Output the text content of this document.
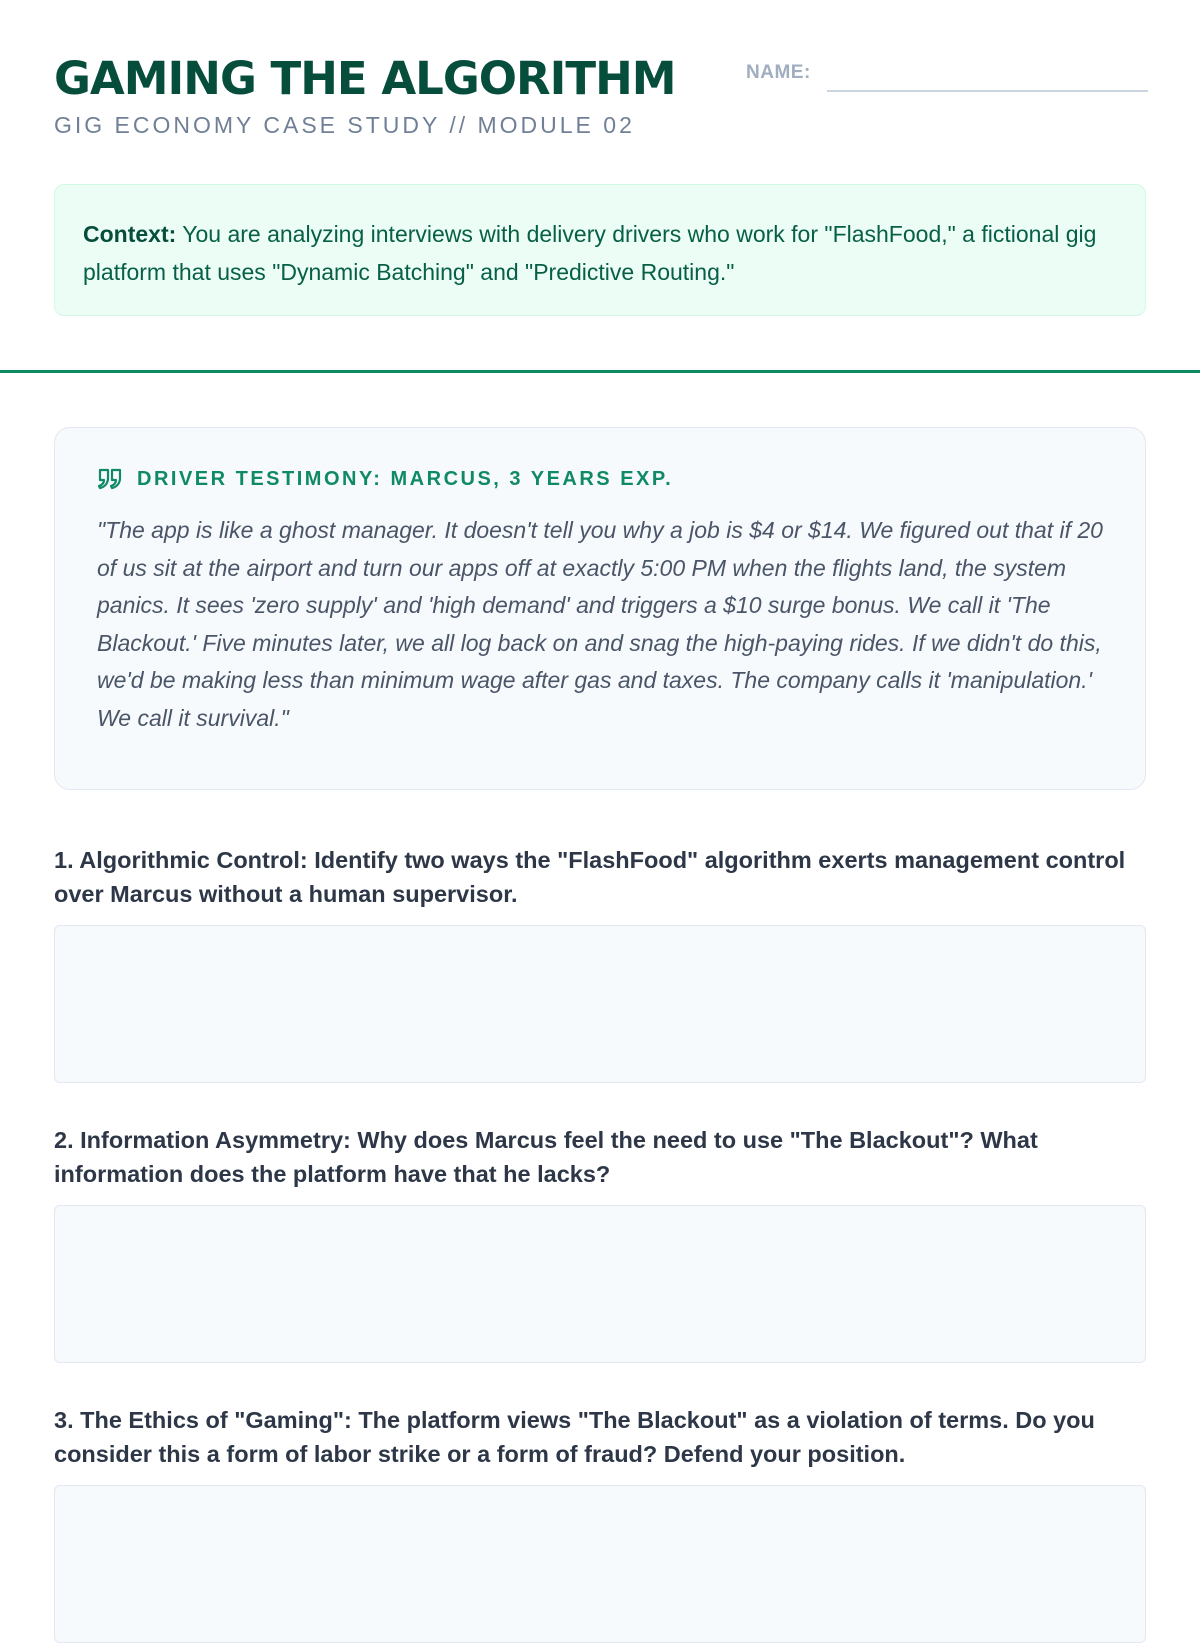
GAMING THE ALGORITHM	NAME:
GIG ECONOMY CASE STUDY // MODULE 02
Context: You are analyzing interviews with delivery drivers who work for "FlashFood," a fictional gig platform that uses "Dynamic Batching" and "Predictive Routing."
DRIVER TESTIMONY: MARCUS, 3 YEARS EXP.
"The app is like a ghost manager. It doesn't tell you why a job is $4 or $14. We figured out that if 20 of us sit at the airport and turn our apps off at exactly 5:00 PM when the flights land, the system panics. It sees 'zero supply' and 'high demand' and triggers a $10 surge bonus. We call it 'The Blackout.' Five minutes later, we all log back on and snag the high-paying rides. If we didn't do this, we'd be making less than minimum wage after gas and taxes. The company calls it 'manipulation.' We call it survival."
1. Algorithmic Control: Identify two ways the "FlashFood" algorithm exerts management control over Marcus without a human supervisor.
2. Information Asymmetry: Why does Marcus feel the need to use "The Blackout"? What information does the platform have that he lacks?
3. The Ethics of "Gaming": The platform views "The Blackout" as a violation of terms. Do you consider this a form of labor strike or a form of fraud? Defend your position.
